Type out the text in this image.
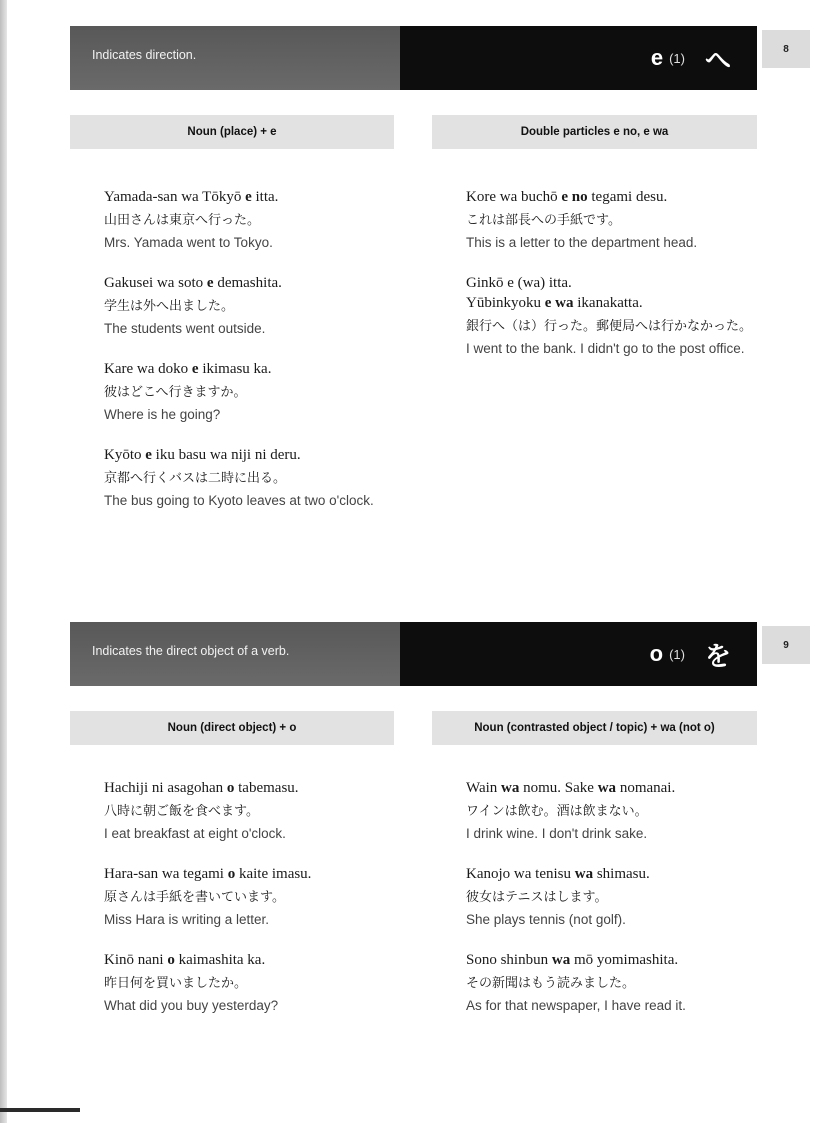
Indicates direction.	e (1) へ	8
Noun (place) + e	Double particles e no, e wa
Yamada-san wa Tōkyō e itta.
山田さんは東京へ行った。
Mrs. Yamada went to Tokyo.
Gakusei wa soto e demashita.
学生は外へ出ました。
The students went outside.
Kare wa doko e ikimasu ka.
彼はどこへ行きますか。
Where is he going?
Kyōto e iku basu wa niji ni deru.
京都へ行くバスは二時に出る。
The bus going to Kyoto leaves at two o'clock.
Kore wa buchō e no tegami desu.
これは部長への手紙です。
This is a letter to the department head.
Ginkō e (wa) itta.
Yūbinkyoku e wa ikanakatta.
銀行へ（は）行った。郵便局へは行かなかった。
I went to the bank. I didn't go to the post office.
Indicates the direct object of a verb.	o (1) を	9
Noun (direct object) + o	Noun (contrasted object / topic) + wa (not o)
Hachiji ni asagohan o tabemasu.
八時に朝ご飯を食べます。
I eat breakfast at eight o'clock.
Hara-san wa tegami o kaite imasu.
原さんは手紙を書いています。
Miss Hara is writing a letter.
Kinō nani o kaimashita ka.
昨日何を買いましたか。
What did you buy yesterday?
Wain wa nomu. Sake wa nomanai.
ワインは飲む。酒は飲まない。
I drink wine. I don't drink sake.
Kanojo wa tenisu wa shimasu.
彼女はテニスはします。
She plays tennis (not golf).
Sono shinbun wa mō yomimashita.
その新聞はもう読みました。
As for that newspaper, I have read it.
